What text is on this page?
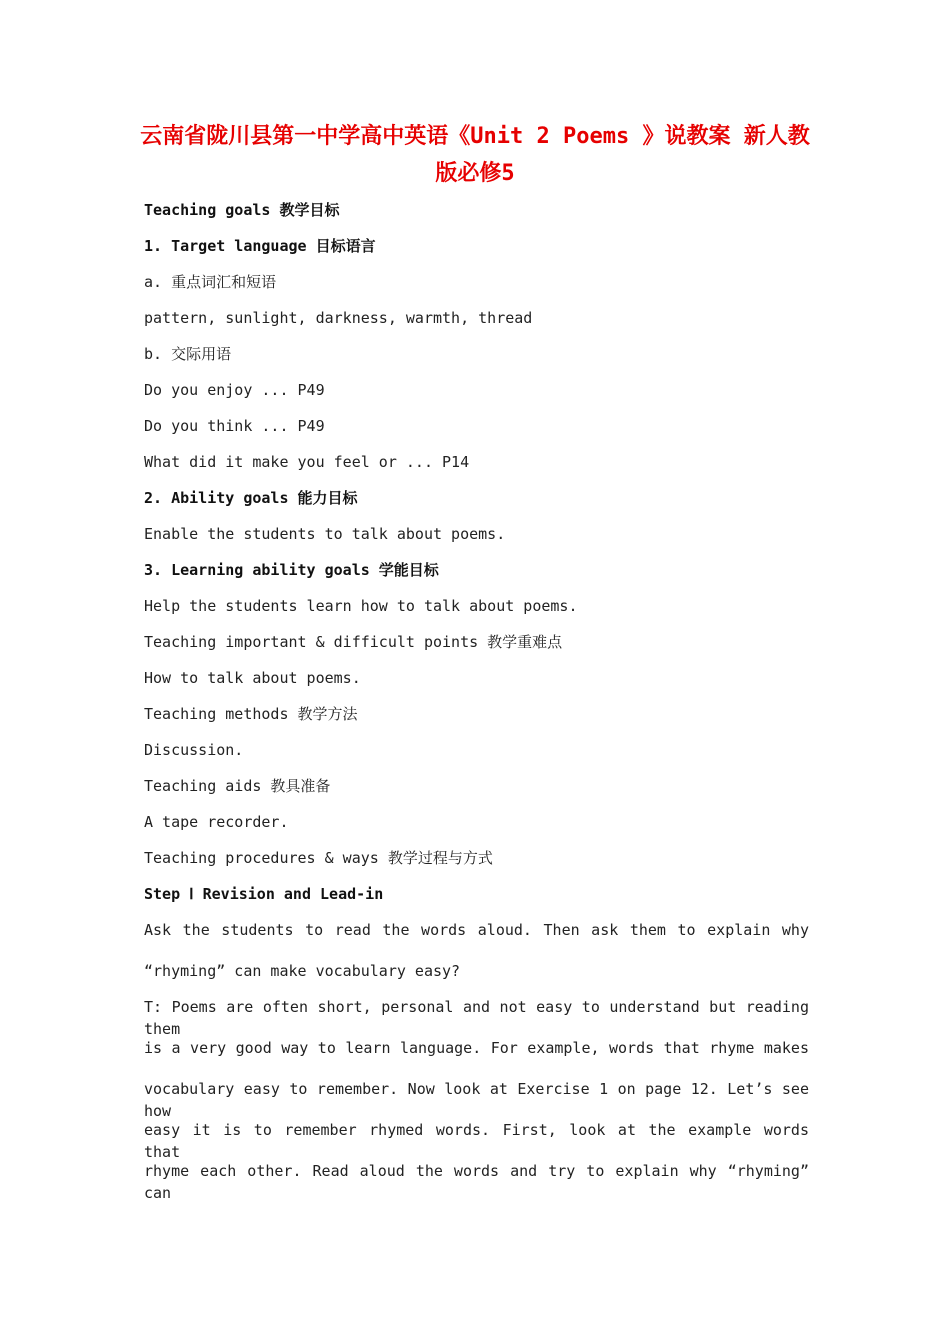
云南省陇川县第一中学高中英语《Unit 2 Poems 》说教案 新人教
版必修5

Teaching goals 教学目标

1. Target language 目标语言

a. 重点词汇和短语

pattern, sunlight, darkness, warmth, thread

b. 交际用语

Do you enjoy ... P49

Do you think ... P49

What did it make you feel or ... P14

2. Ability goals 能力目标

Enable the students to talk about poems.

3. Learning ability goals 学能目标

Help the students learn how to talk about poems.

Teaching important & difficult points 教学重难点

How to talk about poems.

Teaching methods 教学方法

Discussion.

Teaching aids 教具准备

A tape recorder.

Teaching procedures & ways 教学过程与方式

Step Ⅰ Revision and Lead-in

Ask the students to read the words aloud. Then ask them to explain why

“rhyming” can make vocabulary easy?

T: Poems are often short, personal and not easy to understand but reading them

is a very good way to learn language. For example, words that rhyme makes

vocabulary easy to remember. Now look at Exercise 1 on page 12. Let’s see how

easy it is to remember rhymed words. First, look at the example words that

rhyme each other. Read aloud the words and try to explain why “rhyming” can
